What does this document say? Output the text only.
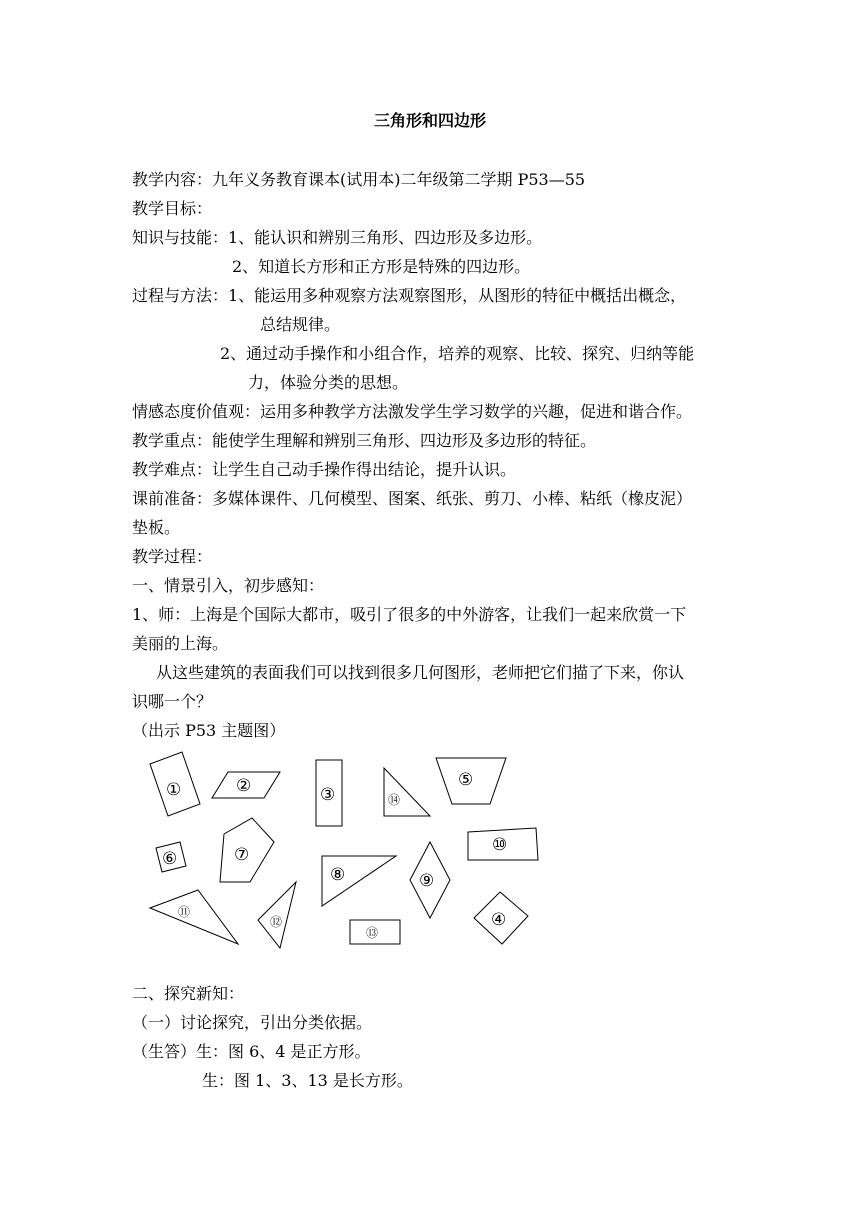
三角形和四边形
教学内容：九年义务教育课本(试用本)二年级第二学期 P53—55
教学目标：
知识与技能：1、能认识和辨别三角形、四边形及多边形。
2、知道长方形和正方形是特殊的四边形。
过程与方法：1、能运用多种观察方法观察图形，从图形的特征中概括出概念，
总结规律。
2、通过动手操作和小组合作，培养的观察、比较、探究、归纳等能
力，体验分类的思想。
情感态度价值观：运用多种教学方法激发学生学习数学的兴趣，促进和谐合作。
教学重点：能使学生理解和辨别三角形、四边形及多边形的特征。
教学难点：让学生自己动手操作得出结论，提升认识。
课前准备：多媒体课件、几何模型、图案、纸张、剪刀、小棒、粘纸（橡皮泥）
垫板。
教学过程：
一、情景引入，初步感知：
1、师：上海是个国际大都市，吸引了很多的中外游客，让我们一起来欣赏一下
美丽的上海。
从这些建筑的表面我们可以找到很多几何图形，老师把它们描了下来，你认
识哪一个？
（出示 P53 主题图）
①	②	③	⑭
⑤
⑥	⑦
⑧	⑨
⑩
⑪
⑫
⑬
④
二、探究新知：
（一）讨论探究，引出分类依据。
（生答）生：图 6、4 是正方形。
生：图 1、3、13 是长方形。
